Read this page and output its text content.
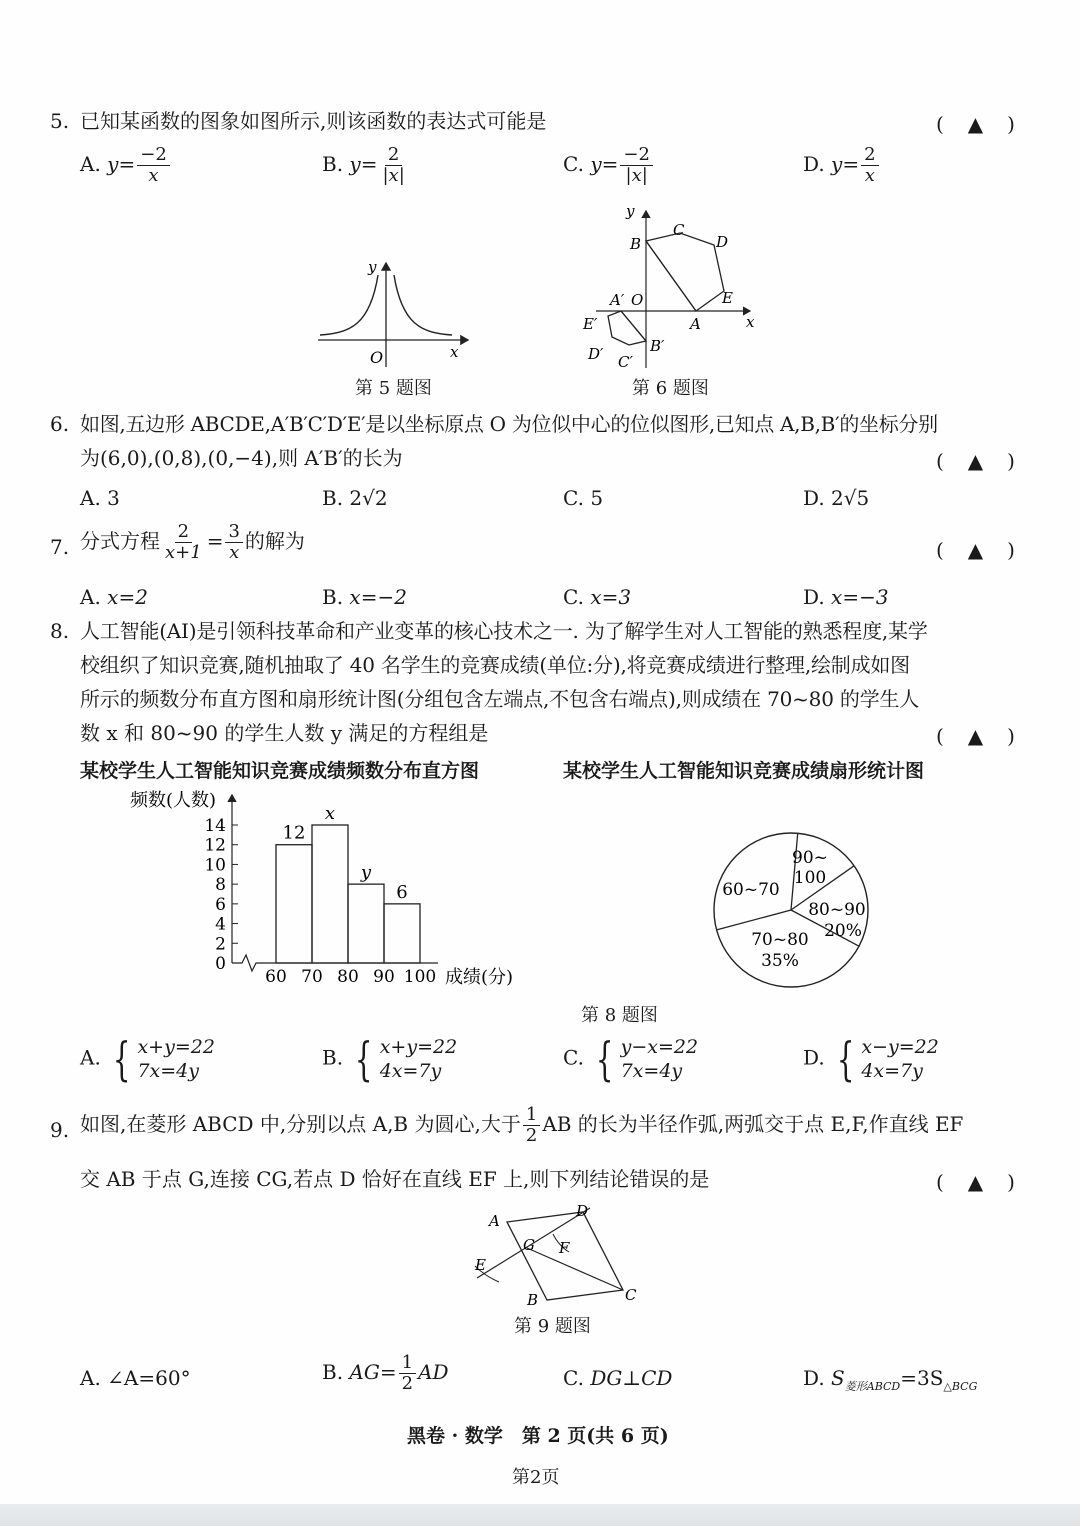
5. 已知某函数的图象如图所示,则该函数的表达式可能是	(　▲　)
A. $y= \frac{-2}{x}$	B. $y= \frac{2}{|x|}$	C. $y= \frac{-2}{|x|}$	D. $y= \frac{2}{x}$
y
x
O
第 5 题图
y
x
B
C
D
E
A
O
A′
E′
D′ C′
B′
第 6 题图
6. 如图,五边形 ABCDE,A′B′C′D′E′是以坐标原点 O 为位似中心的位似图形,已知点 A,B,B′的坐标分别
为(6,0),(0,8),(0,−4),则 A′B′的长为	(　▲　)
A. 3	B. 2√2	C. 5	D. 2√5
7. 分式方程 $\frac{2}{x+1} = \frac{3}{x}$ 的解为	(　▲　)
A. x=2	B. x=−2	C. x=3	D. x=−3
8. 人工智能(AI)是引领科技革命和产业变革的核心技术之一. 为了解学生对人工智能的熟悉程度,某学
校组织了知识竞赛,随机抽取了 40 名学生的竞赛成绩(单位:分),将竞赛成绩进行整理,绘制成如图
所示的频数分布直方图和扇形统计图(分组包含左端点,不包含右端点),则成绩在 70~80 的学生人
数 x 和 80~90 的学生人数 y 满足的方程组是	(　▲　)
某校学生人工智能知识竞赛成绩频数分布直方图	某校学生人工智能知识竞赛成绩扇形统计图
频数(人数)
成绩(分)
0
2
4
6
8
10
12
14
60 70 80 90 100
12
x
y
6
90~ 100
60~70
80~90
20%
70~80
35%
第 8 题图
A. { x+y=22
7x=4y
B. { x+y=22
4x=7y
C. { y−x=22
7x=4y
D. { x−y=22
4x=7y
9. 如图,在菱形 ABCD 中,分别以点 A,B 为圆心,大于 $\frac{1}{2}$ AB 的长为半径作弧,两弧交于点 E,F,作直线 EF
交 AB 于点 G,连接 CG,若点 D 恰好在直线 EF 上,则下列结论错误的是	(　▲　)
A
D
G F
E
B	C
第 9 题图
A. ∠A=60°	B. $AG= \frac{1}{2}$ AD	C. DG⊥CD	D. $S_{菱形ABCD}=3S_{\triangle BCG}$
黑卷 · 数学　第 2 页(共 6 页)
第2页
